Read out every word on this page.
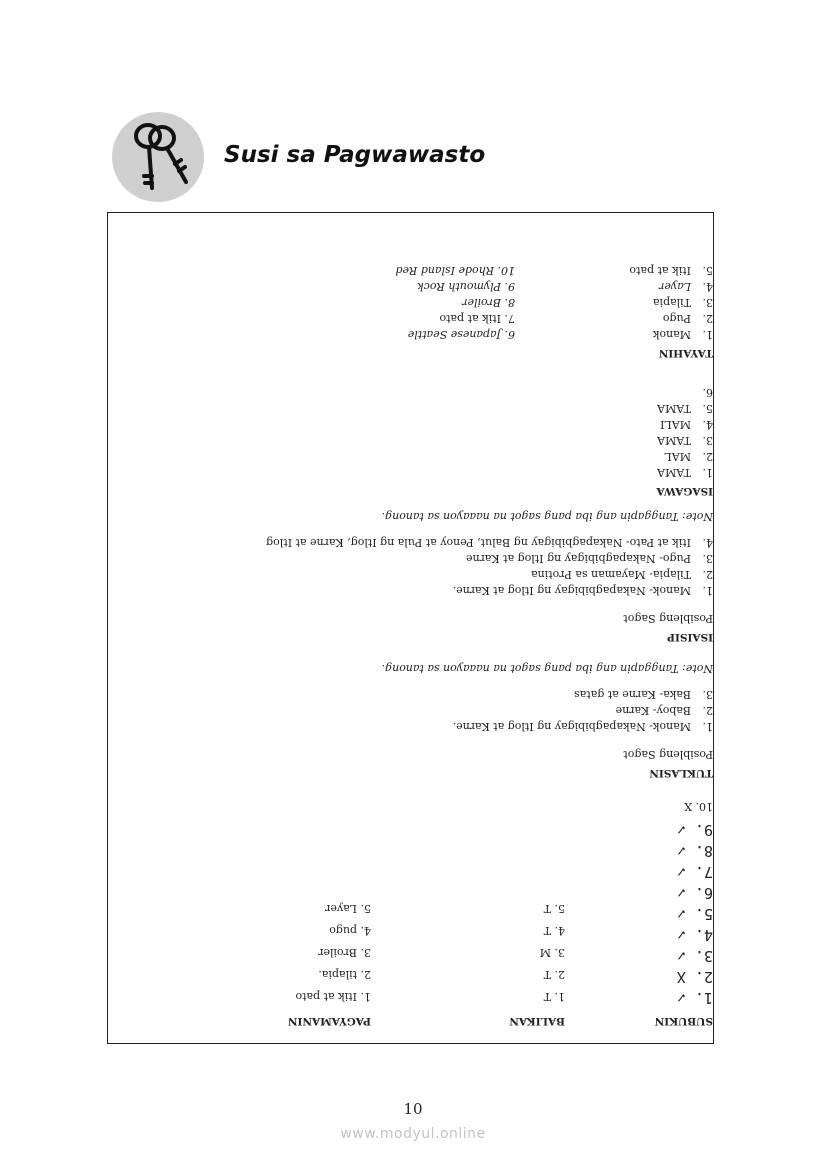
Susi sa Pagwawasto
SUBUKIN
BALIKAN
PAGYAMANIN
1. ✓
2. X
3. ✓
4. ✓
5. ✓
6. ✓
7. ✓
8. ✓
9. ✓
10. X
1. T
2. T
3. M
4. T
5. T
1. Itik at pato
2. tilapia.
3. Broiler
4. pugo
5. Layer
TUKLASIN
Posibleng Sagot
1.Manok- Nakapagbibigay ng Itlog at Karne.
2.Baboy- Karne
3.Baka- Karne at gatas
Note: Tanggapin ang iba pang sagot na naaayon sa tanong.
ISAISIP
Posibleng Sagot
1.Manok- Nakapagbibigay ng Itlog at Karne.
2.Tilapia- Mayaman sa Protina
3.Pugo- Nakapagbibigay ng Itlog at Karne
4.Itik at Pato- Nakapagbibigay ng Balut, Penoy at Pula ng Itlog, Karne at Itlog
Note: Tanggapin ang iba pang sagot na naaayon sa tanong.
ISAGAWA
1.TAMA
2.MAL
3.TAMA
4.MALI
5.TAMA
6.
TAYAHIN
1.Manok
2.Pugo
3.Tilapia
4.Layer
5.Itik at pato
6. Japanese Seattle
7. Itik at pato
8. Broiler
9. Plymouth Rock
10. Rhode Island Red
10
www.modyul.online
